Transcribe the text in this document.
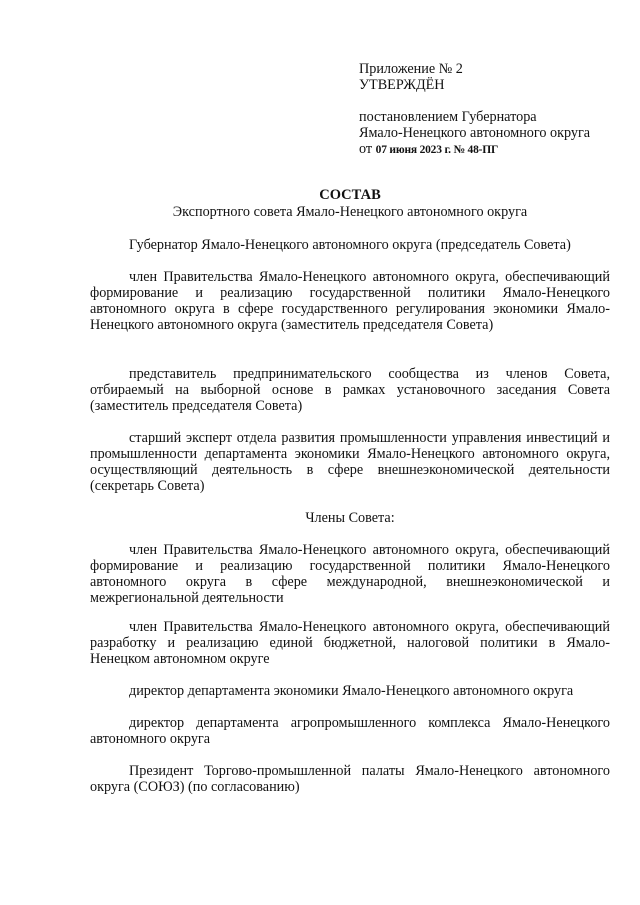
Приложение № 2
УТВЕРЖДЁН
постановлением Губернатора
Ямало-Ненецкого автономного округа
от 07 июня 2023 г. № 48-ПГ
СОСТАВ
Экспортного совета Ямало-Ненецкого автономного округа

Губернатор Ямало-Ненецкого автономного округа (председатель Совета)

член Правительства Ямало-Ненецкого автономного округа, обеспечивающий формирование и реализацию государственной политики Ямало-Ненецкого автономного округа в сфере государственного регулирования экономики Ямало-Ненецкого автономного округа (заместитель председателя Совета)

представитель предпринимательского сообщества из членов Совета, отбираемый на выборной основе в рамках установочного заседания Совета (заместитель председателя Совета)

старший эксперт отдела развития промышленности управления инвестиций и промышленности департамента экономики Ямало-Ненецкого автономного округа, осуществляющий деятельность в сфере внешнеэкономической деятельности (секретарь Совета)

Члены Совета:

член Правительства Ямало-Ненецкого автономного округа, обеспечивающий формирование и реализацию государственной политики Ямало-Ненецкого автономного округа в сфере международной, внешнеэкономической и межрегиональной деятельности

член Правительства Ямало-Ненецкого автономного округа, обеспечивающий разработку и реализацию единой бюджетной, налоговой политики в Ямало-Ненецком автономном округе

директор департамента экономики Ямало-Ненецкого автономного округа

директор департамента агропромышленного комплекса Ямало-Ненецкого автономного округа

Президент Торгово-промышленной палаты Ямало-Ненецкого автономного округа (СОЮЗ) (по согласованию)
